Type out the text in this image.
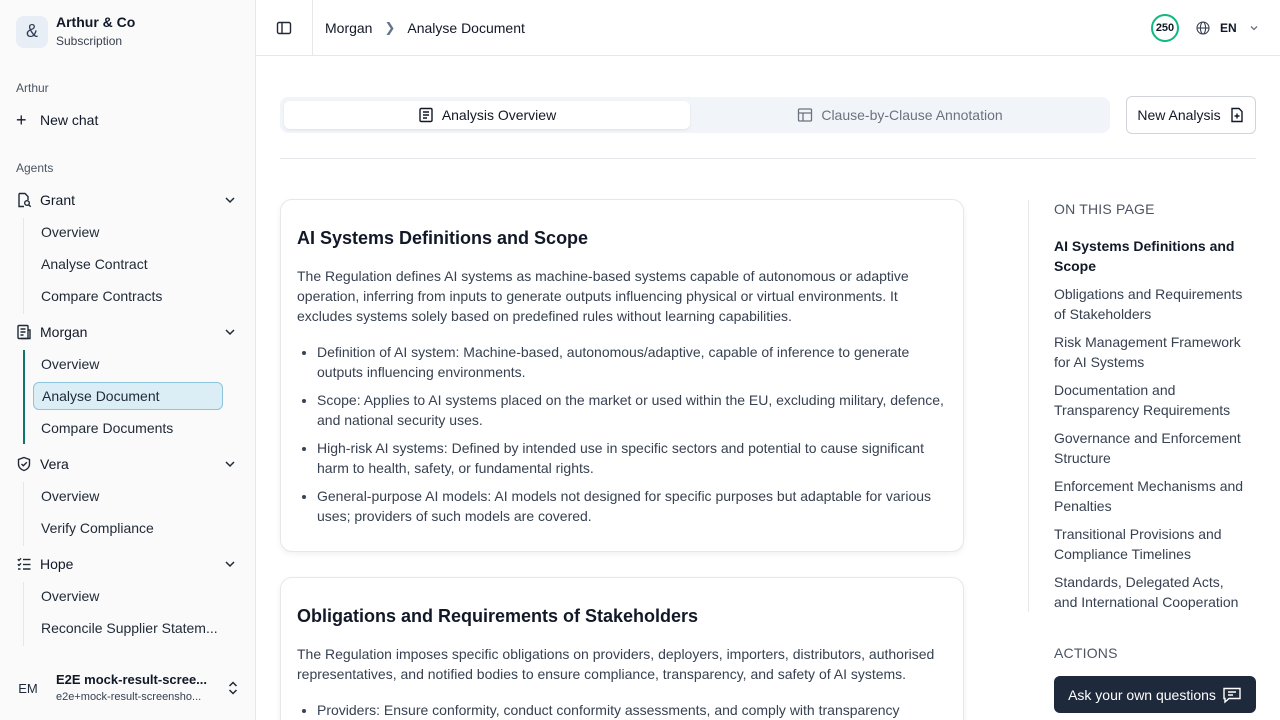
&	Arthur & Co
Subscription
Arthur
+ New chat
Agents
Grant
Overview
Analyse Contract
Compare Contracts
Morgan
Overview
Analyse Document
Compare Documents
Vera
Overview
Verify Compliance
Hope
Overview
Reconcile Supplier Statem...
EM
E2E mock-result-scree...
e2e+mock-result-screensho...
Morgan ❯ Analyse Document	250	EN
Analysis Overview	Clause-by-Clause Annotation	New Analysis
AI Systems Definitions and Scope

The Regulation defines AI systems as machine-based systems capable of autonomous or adaptive operation, inferring from inputs to generate outputs influencing physical or virtual environments. It excludes systems solely based on predefined rules without learning capabilities.

• Definition of AI system: Machine-based, autonomous/adaptive, capable of inference to generate outputs influencing environments.
• Scope: Applies to AI systems placed on the market or used within the EU, excluding military, defence, and national security uses.
• High-risk AI systems: Defined by intended use in specific sectors and potential to cause significant harm to health, safety, or fundamental rights.
• General-purpose AI models: AI models not designed for specific purposes but adaptable for various uses; providers of such models are covered.
Obligations and Requirements of Stakeholders

The Regulation imposes specific obligations on providers, deployers, importers, distributors, authorised representatives, and notified bodies to ensure compliance, transparency, and safety of AI systems.

• Providers: Ensure conformity, conduct conformity assessments, and comply with transparency
ON THIS PAGE
AI Systems Definitions and Scope
Obligations and Requirements of Stakeholders
Risk Management Framework for AI Systems
Documentation and Transparency Requirements
Governance and Enforcement Structure
Enforcement Mechanisms and Penalties
Transitional Provisions and Compliance Timelines
Standards, Delegated Acts, and International Cooperation
ACTIONS
Ask your own questions
